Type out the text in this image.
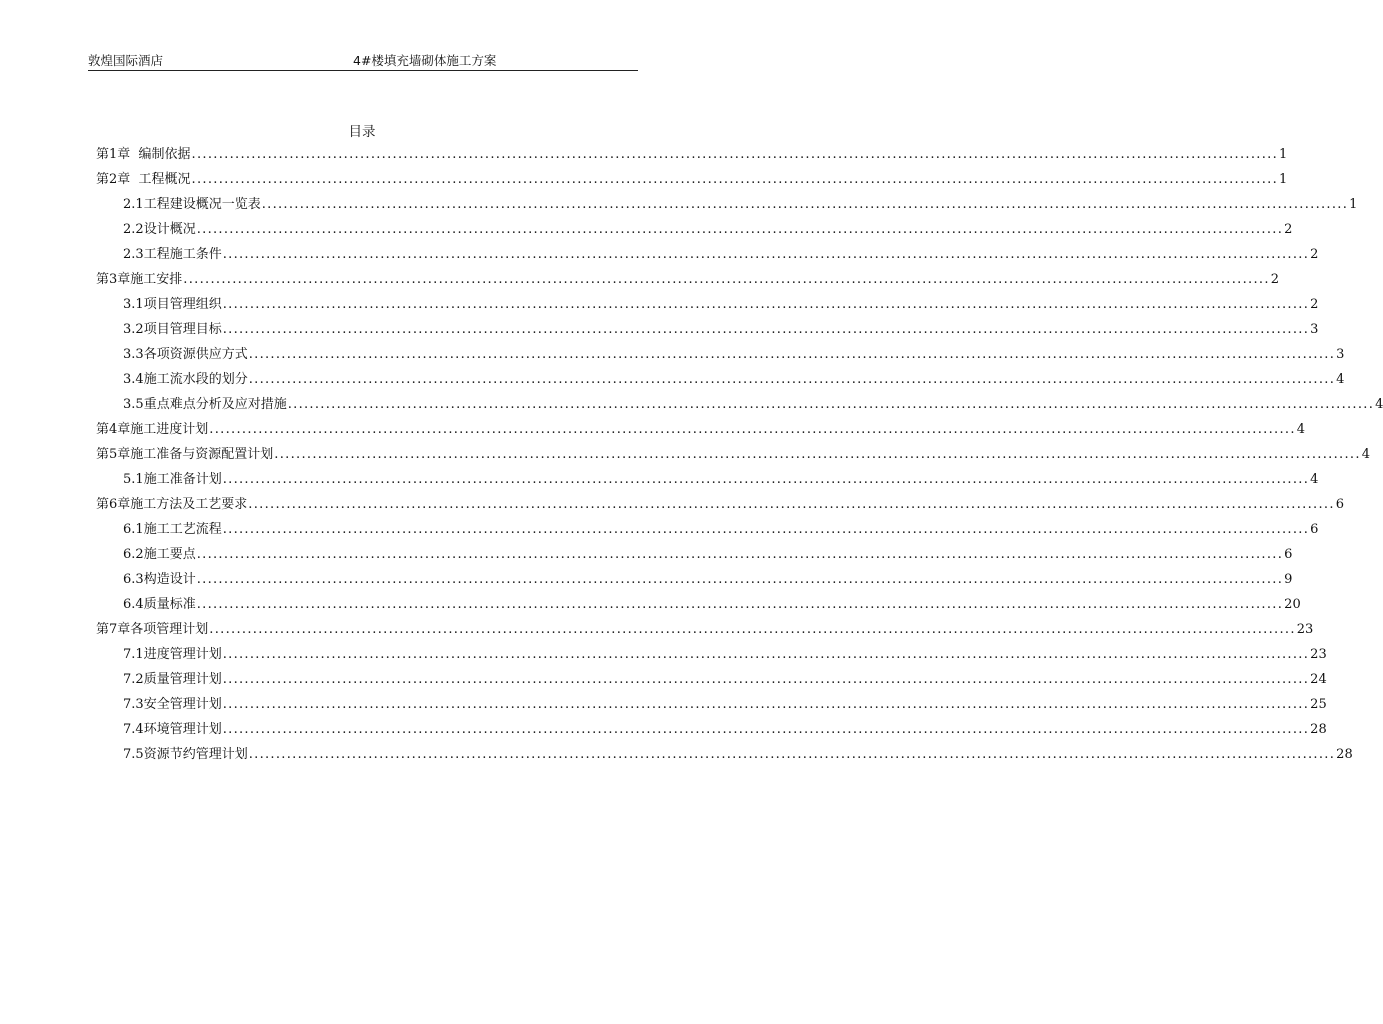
敦煌国际酒店	4#楼填充墙砌体施工方案
目录
第1章 编制依据 ........................................................................................................................................................................................................ 1
第2章 工程概况 ........................................................................................................................................................................................................ 1
2.1 工程建设概况一览表 ........................................................................................................................................................................................................ 1
2.2 设计概况 ........................................................................................................................................................................................................ 2
2.3 工程施工条件 ........................................................................................................................................................................................................ 2
第3章 施工安排 ........................................................................................................................................................................................................ 2
3.1 项目管理组织 ........................................................................................................................................................................................................ 2
3.2 项目管理目标 ........................................................................................................................................................................................................ 3
3.3 各项资源供应方式 ........................................................................................................................................................................................................ 3
3.4 施工流水段的划分 ........................................................................................................................................................................................................ 4
3.5 重点难点分析及应对措施 ........................................................................................................................................................................................................ 4
第4章 施工进度计划 ........................................................................................................................................................................................................ 4
第5章 施工准备与资源配置计划 ........................................................................................................................................................................................................ 4
5.1 施工准备计划 ........................................................................................................................................................................................................ 4
第6章 施工方法及工艺要求 ........................................................................................................................................................................................................ 6
6.1 施工工艺流程 ........................................................................................................................................................................................................ 6
6.2 施工要点 ........................................................................................................................................................................................................ 6
6.3 构造设计 ........................................................................................................................................................................................................ 9
6.4 质量标准 ........................................................................................................................................................................................................ 20
第7章 各项管理计划 ........................................................................................................................................................................................................ 23
7.1 进度管理计划 ........................................................................................................................................................................................................ 23
7.2 质量管理计划 ........................................................................................................................................................................................................ 24
7.3 安全管理计划 ........................................................................................................................................................................................................ 25
7.4 环境管理计划 ........................................................................................................................................................................................................ 28
7.5 资源节约管理计划 ........................................................................................................................................................................................................ 28
